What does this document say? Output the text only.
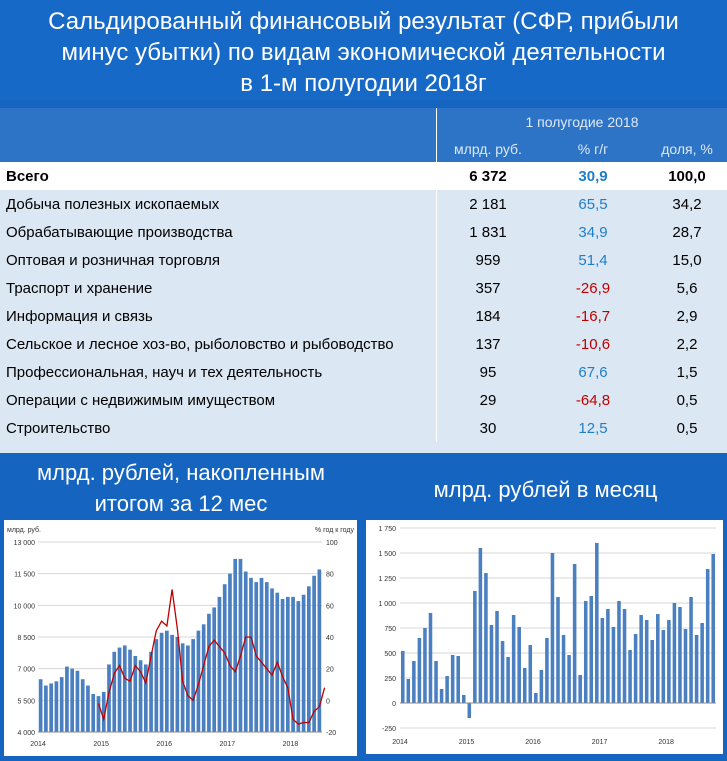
Сальдированный финансовый результат (СФР, прибыли
минус убытки) по видам экономической деятельности
в 1-м полугодии 2018г
	1 полугодие 2018		
	млрд. руб.	% г/г	доля, %
Всего	6 372	30,9	100,0
Добыча полезных ископаемых	2 181	65,5	34,2
Обрабатывающие производства	1 831	34,9	28,7
Оптовая и розничная торговля	959	51,4	15,0
Траспорт и хранение	357	-26,9	5,6
Информация и связь	184	-16,7	2,9
Сельское и лесное хоз-во, рыболовство и рыбоводство	137	-10,6	2,2
Профессиональная, науч и тех деятельность	95	67,6	1,5
Операции с недвижимым имуществом	29	-64,8	0,5
Строительство	30	12,5	0,5
млрд. рублей, накопленным
итогом за 12 мес
млрд. рублей в месяц
млрд. руб.	% год к году
13 000
11 500
10 000
8 500
7 000
5 500
4 000
100
80
60
40
20
0
-20
2014	2015	2016	2017	2018
1 750
1 500
1 250
1 000
750
500
250
0
-250
2014	2015	2016	2017	2018
